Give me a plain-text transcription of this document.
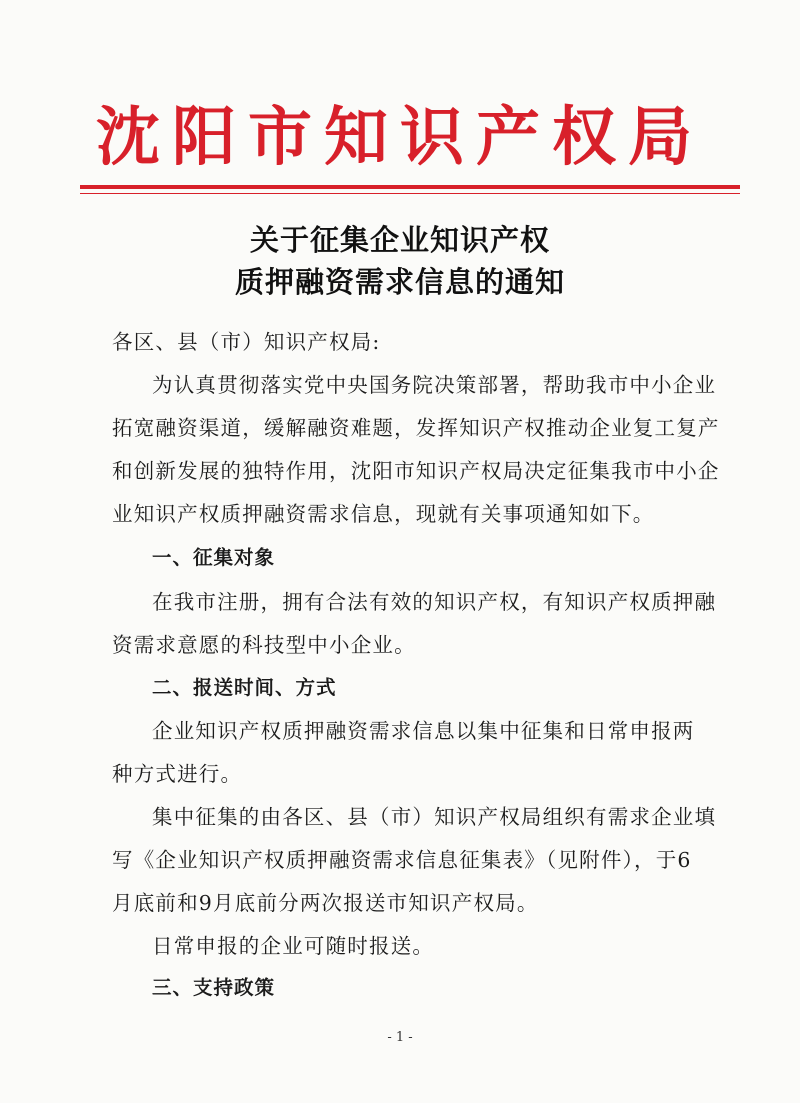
沈阳市知识产权局
关于征集企业知识产权
质押融资需求信息的通知
各区、县（市）知识产权局:
为认真贯彻落实党中央国务院决策部署，帮助我市中小企业
拓宽融资渠道，缓解融资难题，发挥知识产权推动企业复工复产
和创新发展的独特作用，沈阳市知识产权局决定征集我市中小企
业知识产权质押融资需求信息，现就有关事项通知如下。
一、征集对象
在我市注册，拥有合法有效的知识产权，有知识产权质押融
资需求意愿的科技型中小企业。
二、报送时间、方式
企业知识产权质押融资需求信息以集中征集和日常申报两
种方式进行。
集中征集的由各区、县（市）知识产权局组织有需求企业填
写《企业知识产权质押融资需求信息征集表》（见附件），于6
月底前和9月底前分两次报送市知识产权局。
日常申报的企业可随时报送。
三、支持政策
- 1 -
